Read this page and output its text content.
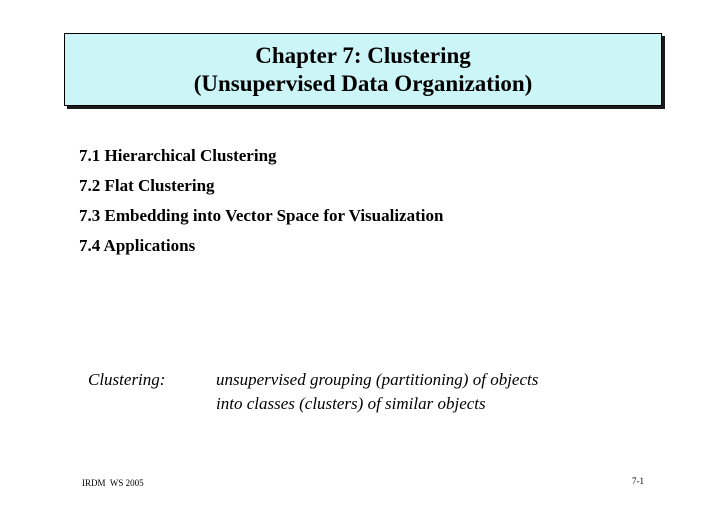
Chapter 7: Clustering
(Unsupervised Data Organization)
7.1 Hierarchical Clustering
7.2 Flat Clustering
7.3 Embedding into Vector Space for Visualization
7.4 Applications
Clustering:	unsupervised grouping (partitioning) of objects
into classes (clusters) of similar objects
IRDM  WS 2005	7-1
